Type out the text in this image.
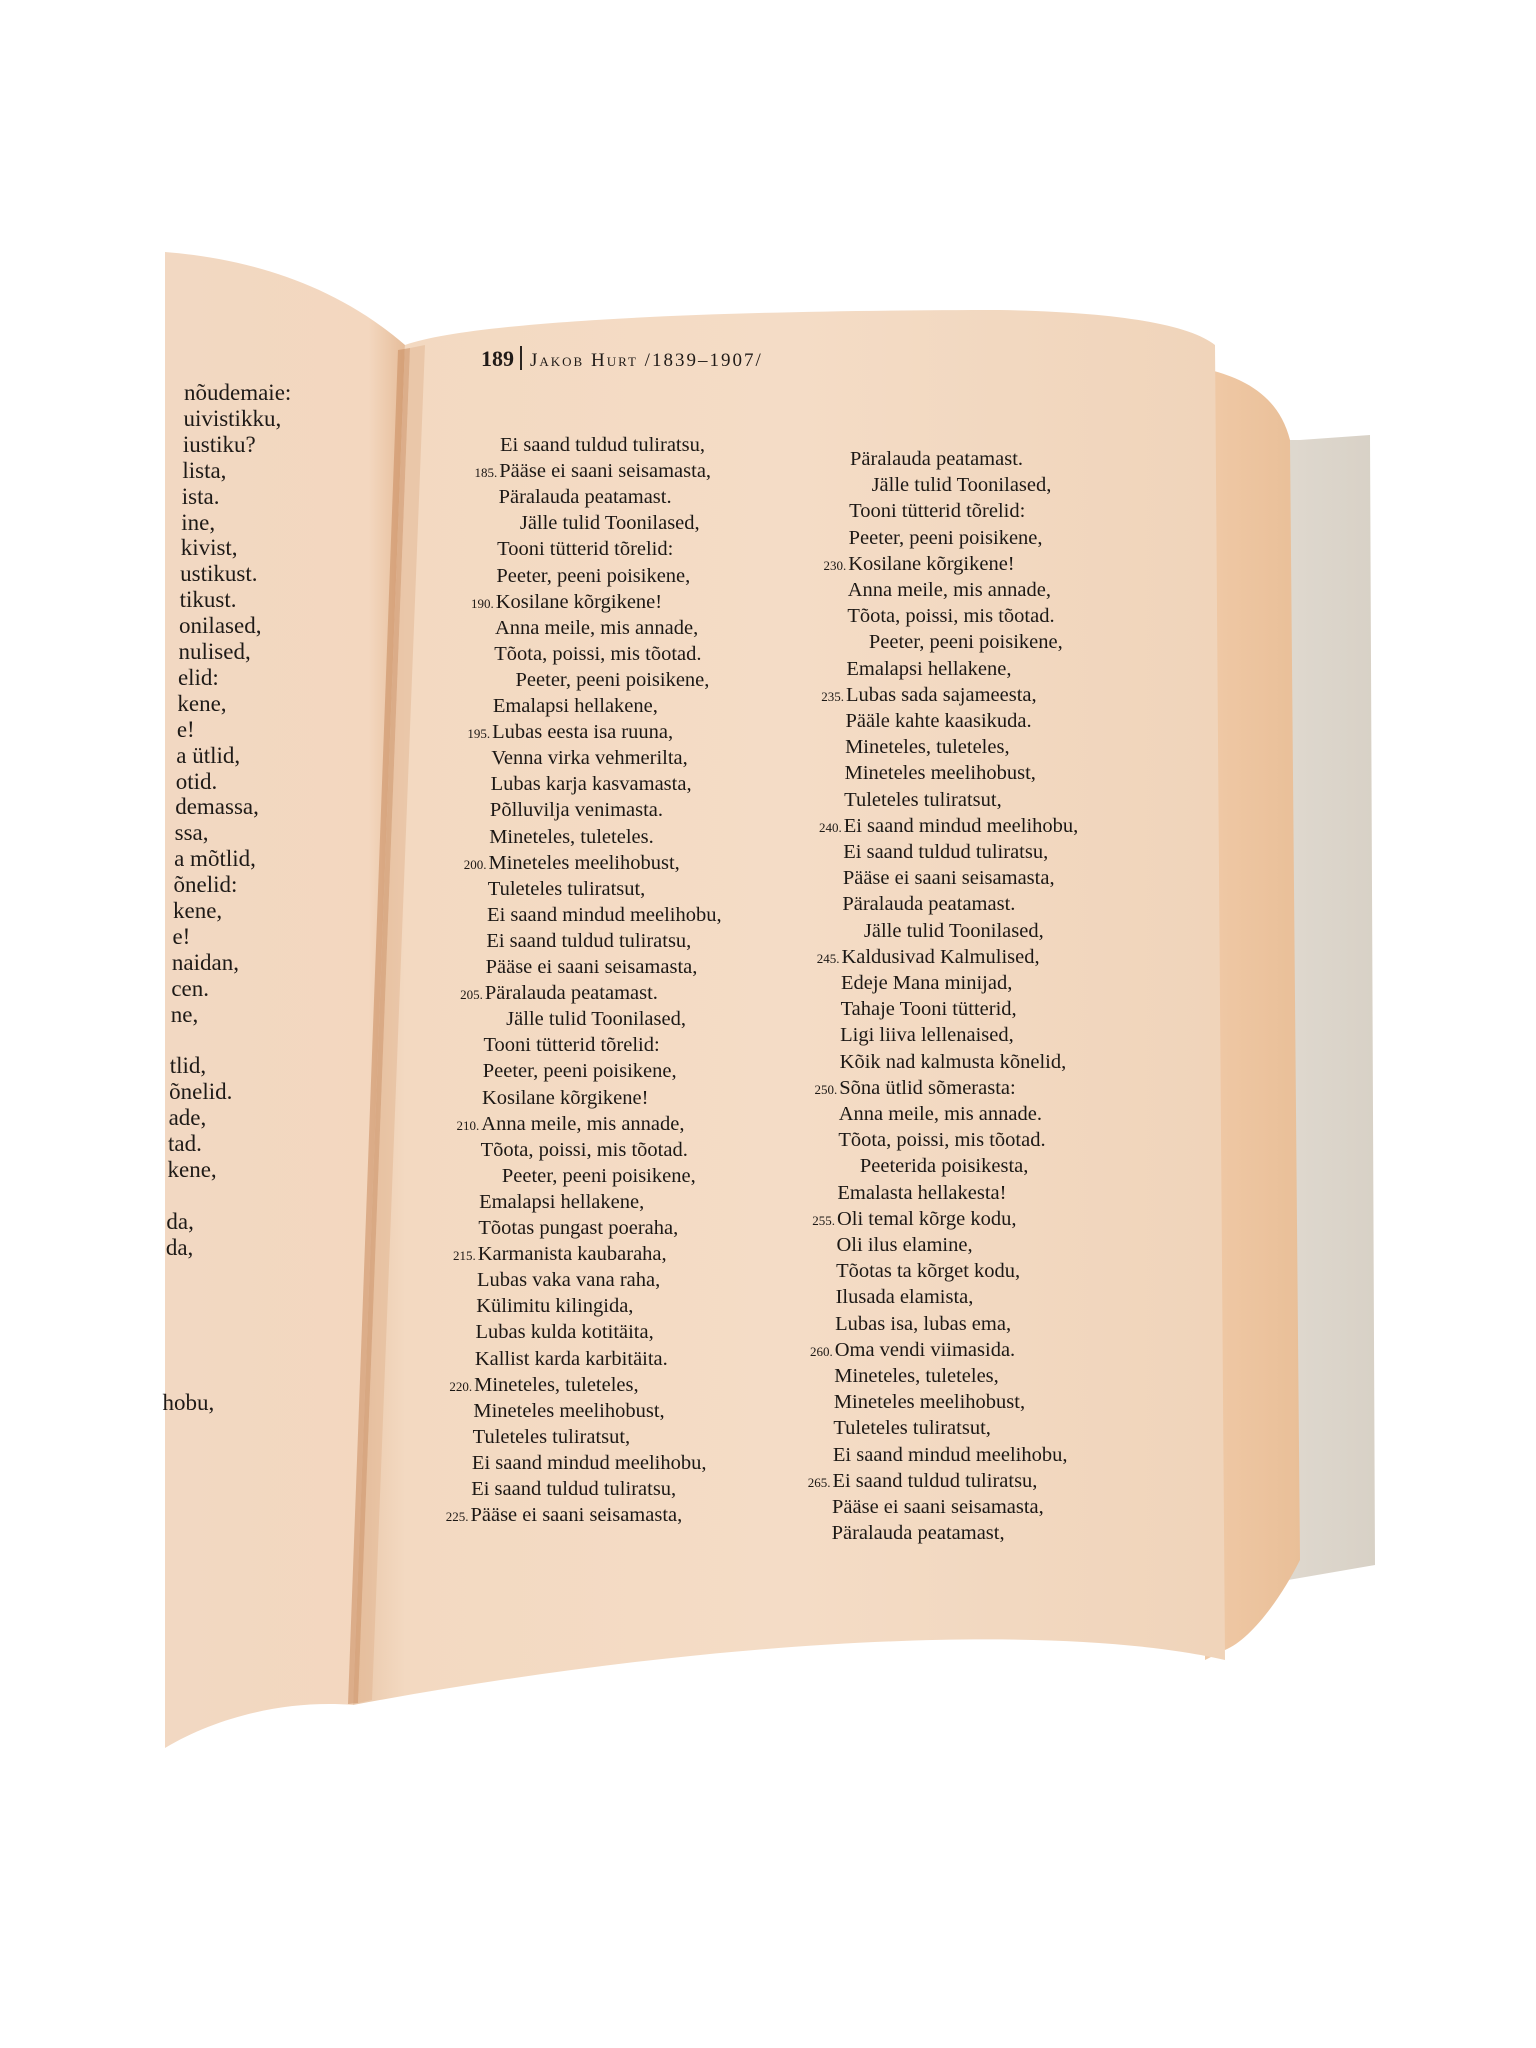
nõudemaie:
uivistikku,
iustiku?
lista,
ista.
ine,
kivist,
ustikust.
tikust.
onilased,
nulised,
elid:
kene,
e!
a ütlid,
otid.
demassa,
ssa,
a mõtlid,
õnelid:
kene,
e!
naidan,
cen.
ne,
tlid,
õnelid.
ade,
tad.
kene,
da,
da,
hobu,
189 Jakob Hurt /1839–1907/
Ei saand tuldud tuliratsu,
185.Pääse ei saani seisamasta,
Päralauda peatamast.
Jälle tulid Toonilased,
Tooni tütterid tõrelid:
Peeter, peeni poisikene,
190.Kosilane kõrgikene!
Anna meile, mis annade,
Tõota, poissi, mis tõotad.
Peeter, peeni poisikene,
Emalapsi hellakene,
195.Lubas eesta isa ruuna,
Venna virka vehmerilta,
Lubas karja kasvamasta,
Põlluvilja venimasta.
Mineteles, tuleteles.
200.Mineteles meelihobust,
Tuleteles tuliratsut,
Ei saand mindud meelihobu,
Ei saand tuldud tuliratsu,
Pääse ei saani seisamasta,
205.Päralauda peatamast.
Jälle tulid Toonilased,
Tooni tütterid tõrelid:
Peeter, peeni poisikene,
Kosilane kõrgikene!
210.Anna meile, mis annade,
Tõota, poissi, mis tõotad.
Peeter, peeni poisikene,
Emalapsi hellakene,
Tõotas pungast poeraha,
215.Karmanista kaubaraha,
Lubas vaka vana raha,
Külimitu kilingida,
Lubas kulda kotitäita,
Kallist karda karbitäita.
220.Mineteles, tuleteles,
Mineteles meelihobust,
Tuleteles tuliratsut,
Ei saand mindud meelihobu,
Ei saand tuldud tuliratsu,
225.Pääse ei saani seisamasta,
Päralauda peatamast.
Jälle tulid Toonilased,
Tooni tütterid tõrelid:
Peeter, peeni poisikene,
230.Kosilane kõrgikene!
Anna meile, mis annade,
Tõota, poissi, mis tõotad.
Peeter, peeni poisikene,
Emalapsi hellakene,
235.Lubas sada sajameesta,
Pääle kahte kaasikuda.
Mineteles, tuleteles,
Mineteles meelihobust,
Tuleteles tuliratsut,
240.Ei saand mindud meelihobu,
Ei saand tuldud tuliratsu,
Pääse ei saani seisamasta,
Päralauda peatamast.
Jälle tulid Toonilased,
245.Kaldusivad Kalmulised,
Edeje Mana minijad,
Tahaje Tooni tütterid,
Ligi liiva lellenaised,
Kõik nad kalmusta kõnelid,
250.Sõna ütlid sõmerasta:
Anna meile, mis annade.
Tõota, poissi, mis tõotad.
Peeterida poisikesta,
Emalasta hellakesta!
255.Oli temal kõrge kodu,
Oli ilus elamine,
Tõotas ta kõrget kodu,
Ilusada elamista,
Lubas isa, lubas ema,
260.Oma vendi viimasida.
Mineteles, tuleteles,
Mineteles meelihobust,
Tuleteles tuliratsut,
Ei saand mindud meelihobu,
265.Ei saand tuldud tuliratsu,
Pääse ei saani seisamasta,
Päralauda peatamast,
